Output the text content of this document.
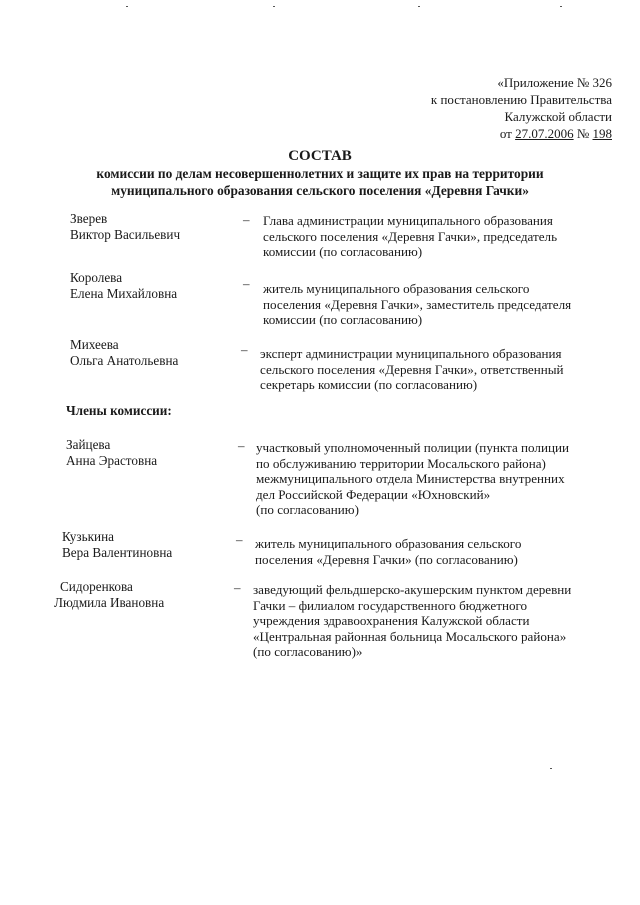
«Приложение № 326
к постановлению Правительства
Калужской области
от 27.07.2006 № 198
СОСТАВ
комиссии по делам несовершеннолетних и защите их прав на территории
муниципального образования сельского поселения «Деревня Гачки»
Зверев
Виктор Васильевич
– Глава администрации муниципального образования
сельского поселения «Деревня Гачки», председатель
комиссии (по согласованию)
Королева
Елена Михайловна
– житель муниципального образования сельского
поселения «Деревня Гачки», заместитель председателя
комиссии (по согласованию)
Михеева
Ольга Анатольевна
– эксперт администрации муниципального образования
сельского поселения «Деревня Гачки», ответственный
секретарь комиссии (по согласованию)
Члены комиссии:
Зайцева
Анна Эрастовна
– участковый уполномоченный полиции (пункта полиции
по обслуживанию территории Мосальского района)
межмуниципального отдела Министерства внутренних
дел Российской Федерации «Юхновский»
(по согласованию)
Кузькина
Вера Валентиновна
– житель муниципального образования сельского
поселения «Деревня Гачки» (по согласованию)
Сидоренкова
Людмила Ивановна
– заведующий фельдшерско-акушерским пунктом деревни
Гачки – филиалом государственного бюджетного
учреждения здравоохранения Калужской области
«Центральная районная больница Мосальского района»
(по согласованию)»
